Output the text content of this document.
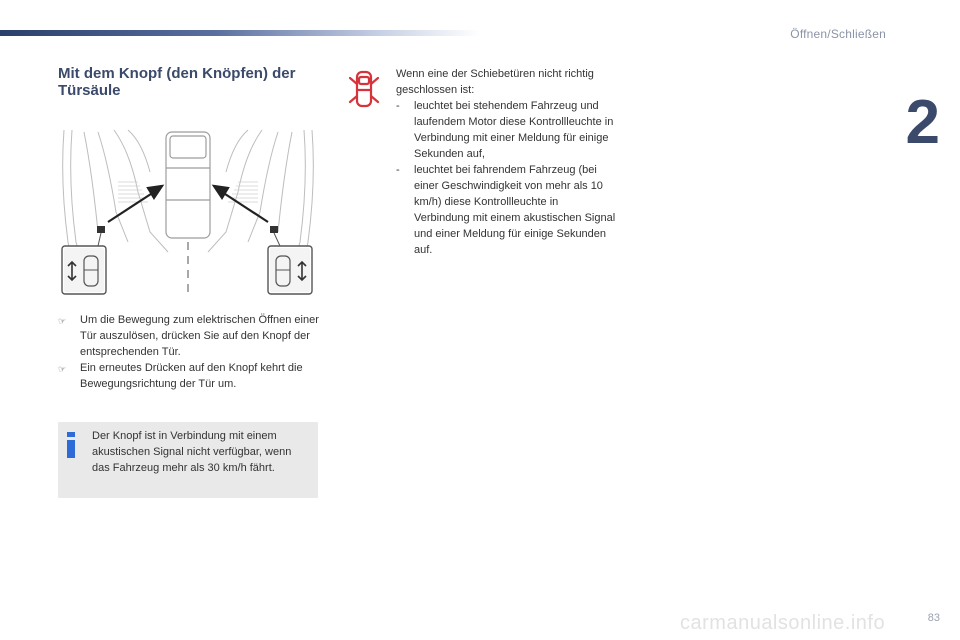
Öffnen/Schließen
2
Mit dem Knopf (den Knöpfen) der Türsäule
☞	Um die Bewegung zum elektrischen Öffnen einer Tür auszulösen, drücken Sie auf den Knopf der entsprechenden Tür.
☞	Ein erneutes Drücken auf den Knopf kehrt die Bewegungsrichtung der Tür um.
Der Knopf ist in Verbindung mit einem akustischen Signal nicht verfügbar, wenn das Fahrzeug mehr als 30 km/h fährt.
Wenn eine der Schiebetüren nicht richtig geschlossen ist:
-	leuchtet bei stehendem Fahrzeug und laufendem Motor diese Kontrollleuchte in Verbindung mit einer Meldung für einige Sekunden auf,
-	leuchtet bei fahrendem Fahrzeug (bei einer Geschwindigkeit von mehr als 10 km/h) diese Kontrollleuchte in Verbindung mit einem akustischen Signal und einer Meldung für einige Sekunden auf.
carmanualsonline.info	83
